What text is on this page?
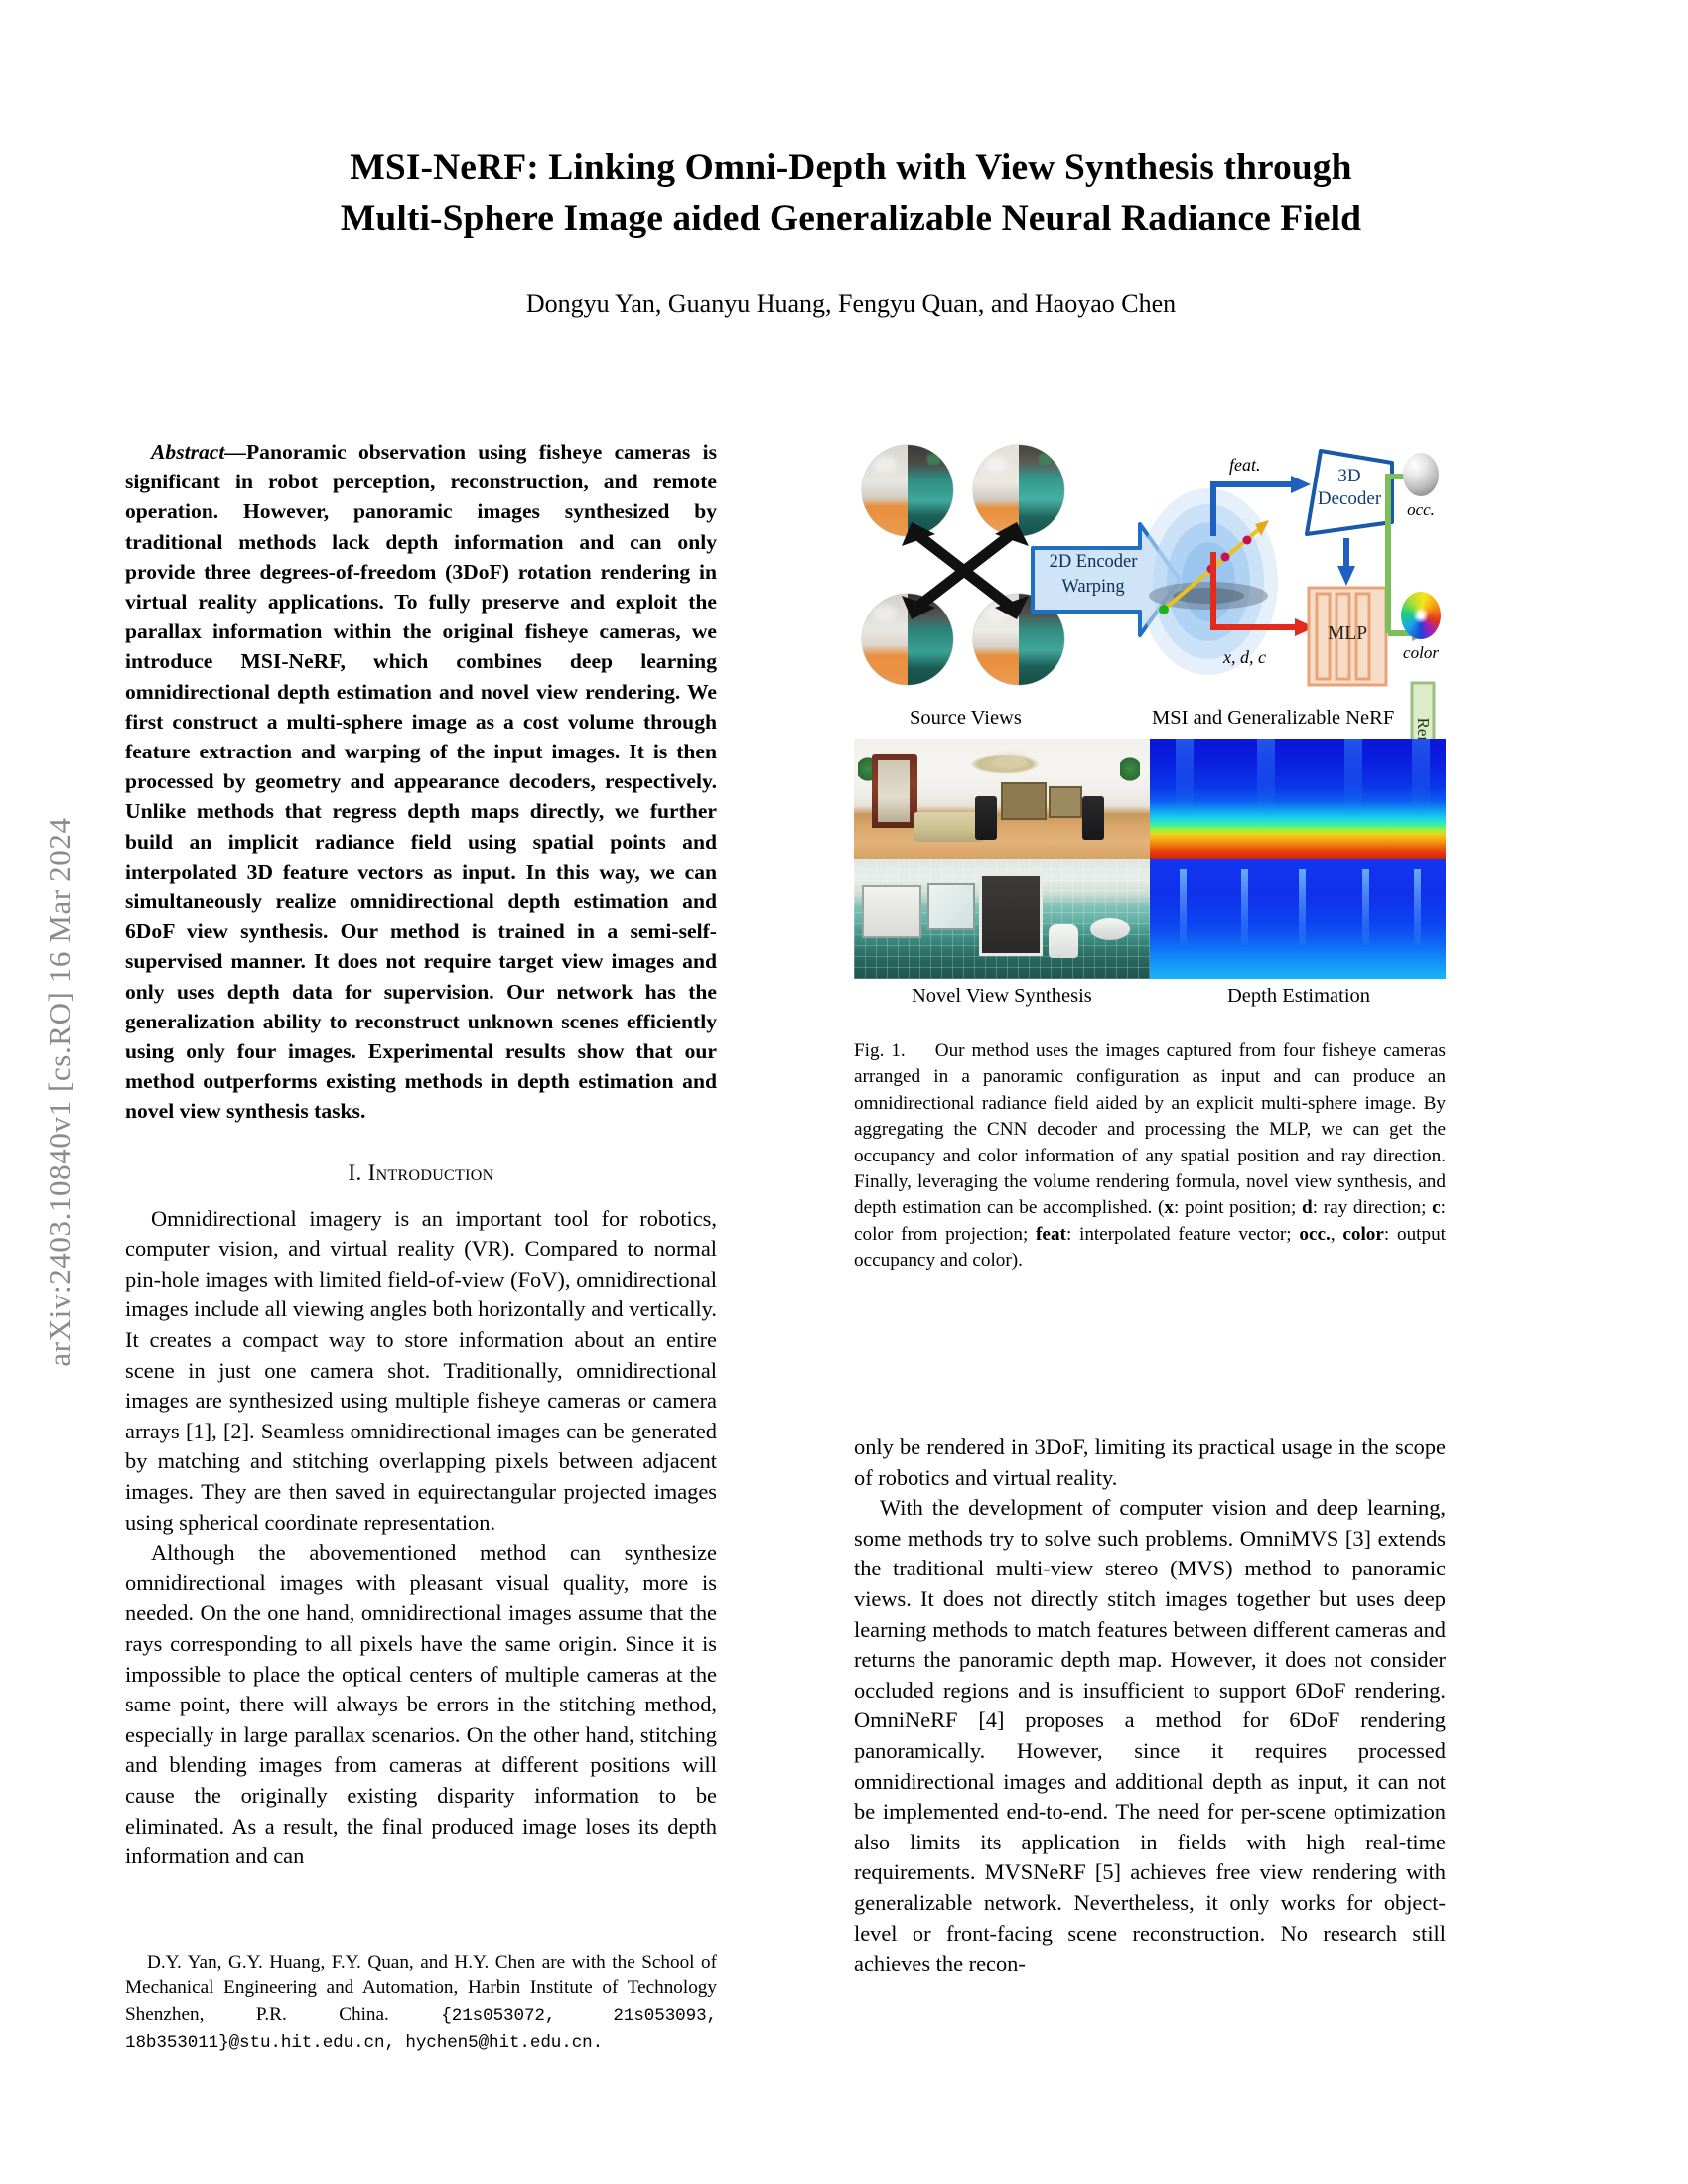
arXiv:2403.10840v1 [cs.RO] 16 Mar 2024
MSI-NeRF: Linking Omni-Depth with View Synthesis through
Multi-Sphere Image aided Generalizable Neural Radiance Field

Dongyu Yan, Guanyu Huang, Fengyu Quan, and Haoyao Chen

Abstract—Panoramic observation using fisheye cameras is significant in robot perception, reconstruction, and remote operation. However, panoramic images synthesized by traditional methods lack depth information and can only provide three degrees-of-freedom (3DoF) rotation rendering in virtual reality applications. To fully preserve and exploit the parallax information within the original fisheye cameras, we introduce MSI-NeRF, which combines deep learning omnidirectional depth estimation and novel view rendering. We first construct a multi-sphere image as a cost volume through feature extraction and warping of the input images. It is then processed by geometry and appearance decoders, respectively. Unlike methods that regress depth maps directly, we further build an implicit radiance field using spatial points and interpolated 3D feature vectors as input. In this way, we can simultaneously realize omnidirectional depth estimation and 6DoF view synthesis. Our method is trained in a semi-self-supervised manner. It does not require target view images and only uses depth data for supervision. Our network has the generalization ability to reconstruct unknown scenes efficiently using only four images. Experimental results show that our method outperforms existing methods in depth estimation and novel view synthesis tasks.

I. Introduction

Omnidirectional imagery is an important tool for robotics, computer vision, and virtual reality (VR). Compared to normal pin-hole images with limited field-of-view (FoV), omnidirectional images include all viewing angles both horizontally and vertically. It creates a compact way to store information about an entire scene in just one camera shot. Traditionally, omnidirectional images are synthesized using multiple fisheye cameras or camera arrays [1], [2]. Seamless omnidirectional images can be generated by matching and stitching overlapping pixels between adjacent images. They are then saved in equirectangular projected images using spherical coordinate representation.

Although the abovementioned method can synthesize omnidirectional images with pleasant visual quality, more is needed. On the one hand, omnidirectional images assume that the rays corresponding to all pixels have the same origin. Since it is impossible to place the optical centers of multiple cameras at the same point, there will always be errors in the stitching method, especially in large parallax scenarios. On the other hand, stitching and blending images from cameras at different positions will cause the originally existing disparity information to be eliminated. As a result, the final produced image loses its depth information and can

D.Y. Yan, G.Y. Huang, F.Y. Quan, and H.Y. Chen are with the School of Mechanical Engineering and Automation, Harbin Institute of Technology Shenzhen, P.R. China. {21s053072, 21s053093, 18b353011}@stu.hit.edu.cn, hychen5@hit.edu.cn.

2D Encoder
Warping
feat.
x, d, c
3D
Decoder
MLP
occ.
color
Source Views	MSI and Generalizable NeRF
Novel View Synthesis	Depth Estimation
Fig. 1. Our method uses the images captured from four fisheye cameras arranged in a panoramic configuration as input and can produce an omnidirectional radiance field aided by an explicit multi-sphere image. By aggregating the CNN decoder and processing the MLP, we can get the occupancy and color information of any spatial position and ray direction. Finally, leveraging the volume rendering formula, novel view synthesis, and depth estimation can be accomplished. (x: point position; d: ray direction; c: color from projection; feat: interpolated feature vector; occ., color: output occupancy and color).

only be rendered in 3DoF, limiting its practical usage in the scope of robotics and virtual reality.

With the development of computer vision and deep learning, some methods try to solve such problems. OmniMVS [3] extends the traditional multi-view stereo (MVS) method to panoramic views. It does not directly stitch images together but uses deep learning methods to match features between different cameras and returns the panoramic depth map. However, it does not consider occluded regions and is insufficient to support 6DoF rendering. OmniNeRF [4] proposes a method for 6DoF rendering panoramically. However, since it requires processed omnidirectional images and additional depth as input, it can not be implemented end-to-end. The need for per-scene optimization also limits its application in fields with high real-time requirements. MVSNeRF [5] achieves free view rendering with generalizable network. Nevertheless, it only works for object-level or front-facing scene reconstruction. No research still achieves the recon-
